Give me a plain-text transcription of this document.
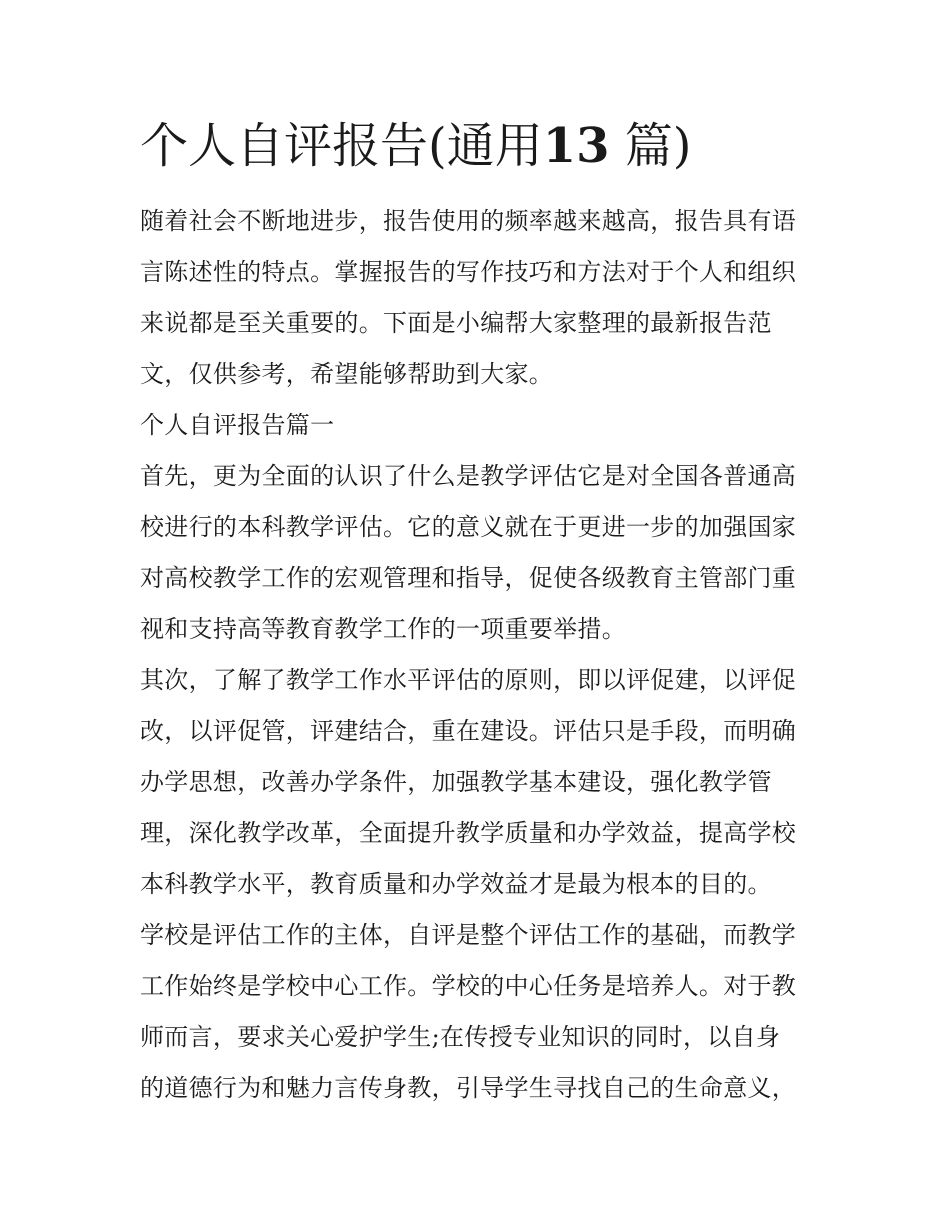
个人自评报告(通用13 篇)
随着社会不断地进步，报告使用的频率越来越高，报告具有语
言陈述性的特点。掌握报告的写作技巧和方法对于个人和组织
来说都是至关重要的。下面是小编帮大家整理的最新报告范
文，仅供参考，希望能够帮助到大家。
个人自评报告篇一
首先，更为全面的认识了什么是教学评估它是对全国各普通高
校进行的本科教学评估。它的意义就在于更进一步的加强国家
对高校教学工作的宏观管理和指导，促使各级教育主管部门重
视和支持高等教育教学工作的一项重要举措。
其次，了解了教学工作水平评估的原则，即以评促建，以评促
改，以评促管，评建结合，重在建设。评估只是手段，而明确
办学思想，改善办学条件，加强教学基本建设，强化教学管
理，深化教学改革，全面提升教学质量和办学效益，提高学校
本科教学水平，教育质量和办学效益才是最为根本的目的。
学校是评估工作的主体，自评是整个评估工作的基础，而教学
工作始终是学校中心工作。学校的中心任务是培养人。对于教
师而言，要求关心爱护学生;在传授专业知识的同时，以自身
的道德行为和魅力言传身教，引导学生寻找自己的生命意义，
